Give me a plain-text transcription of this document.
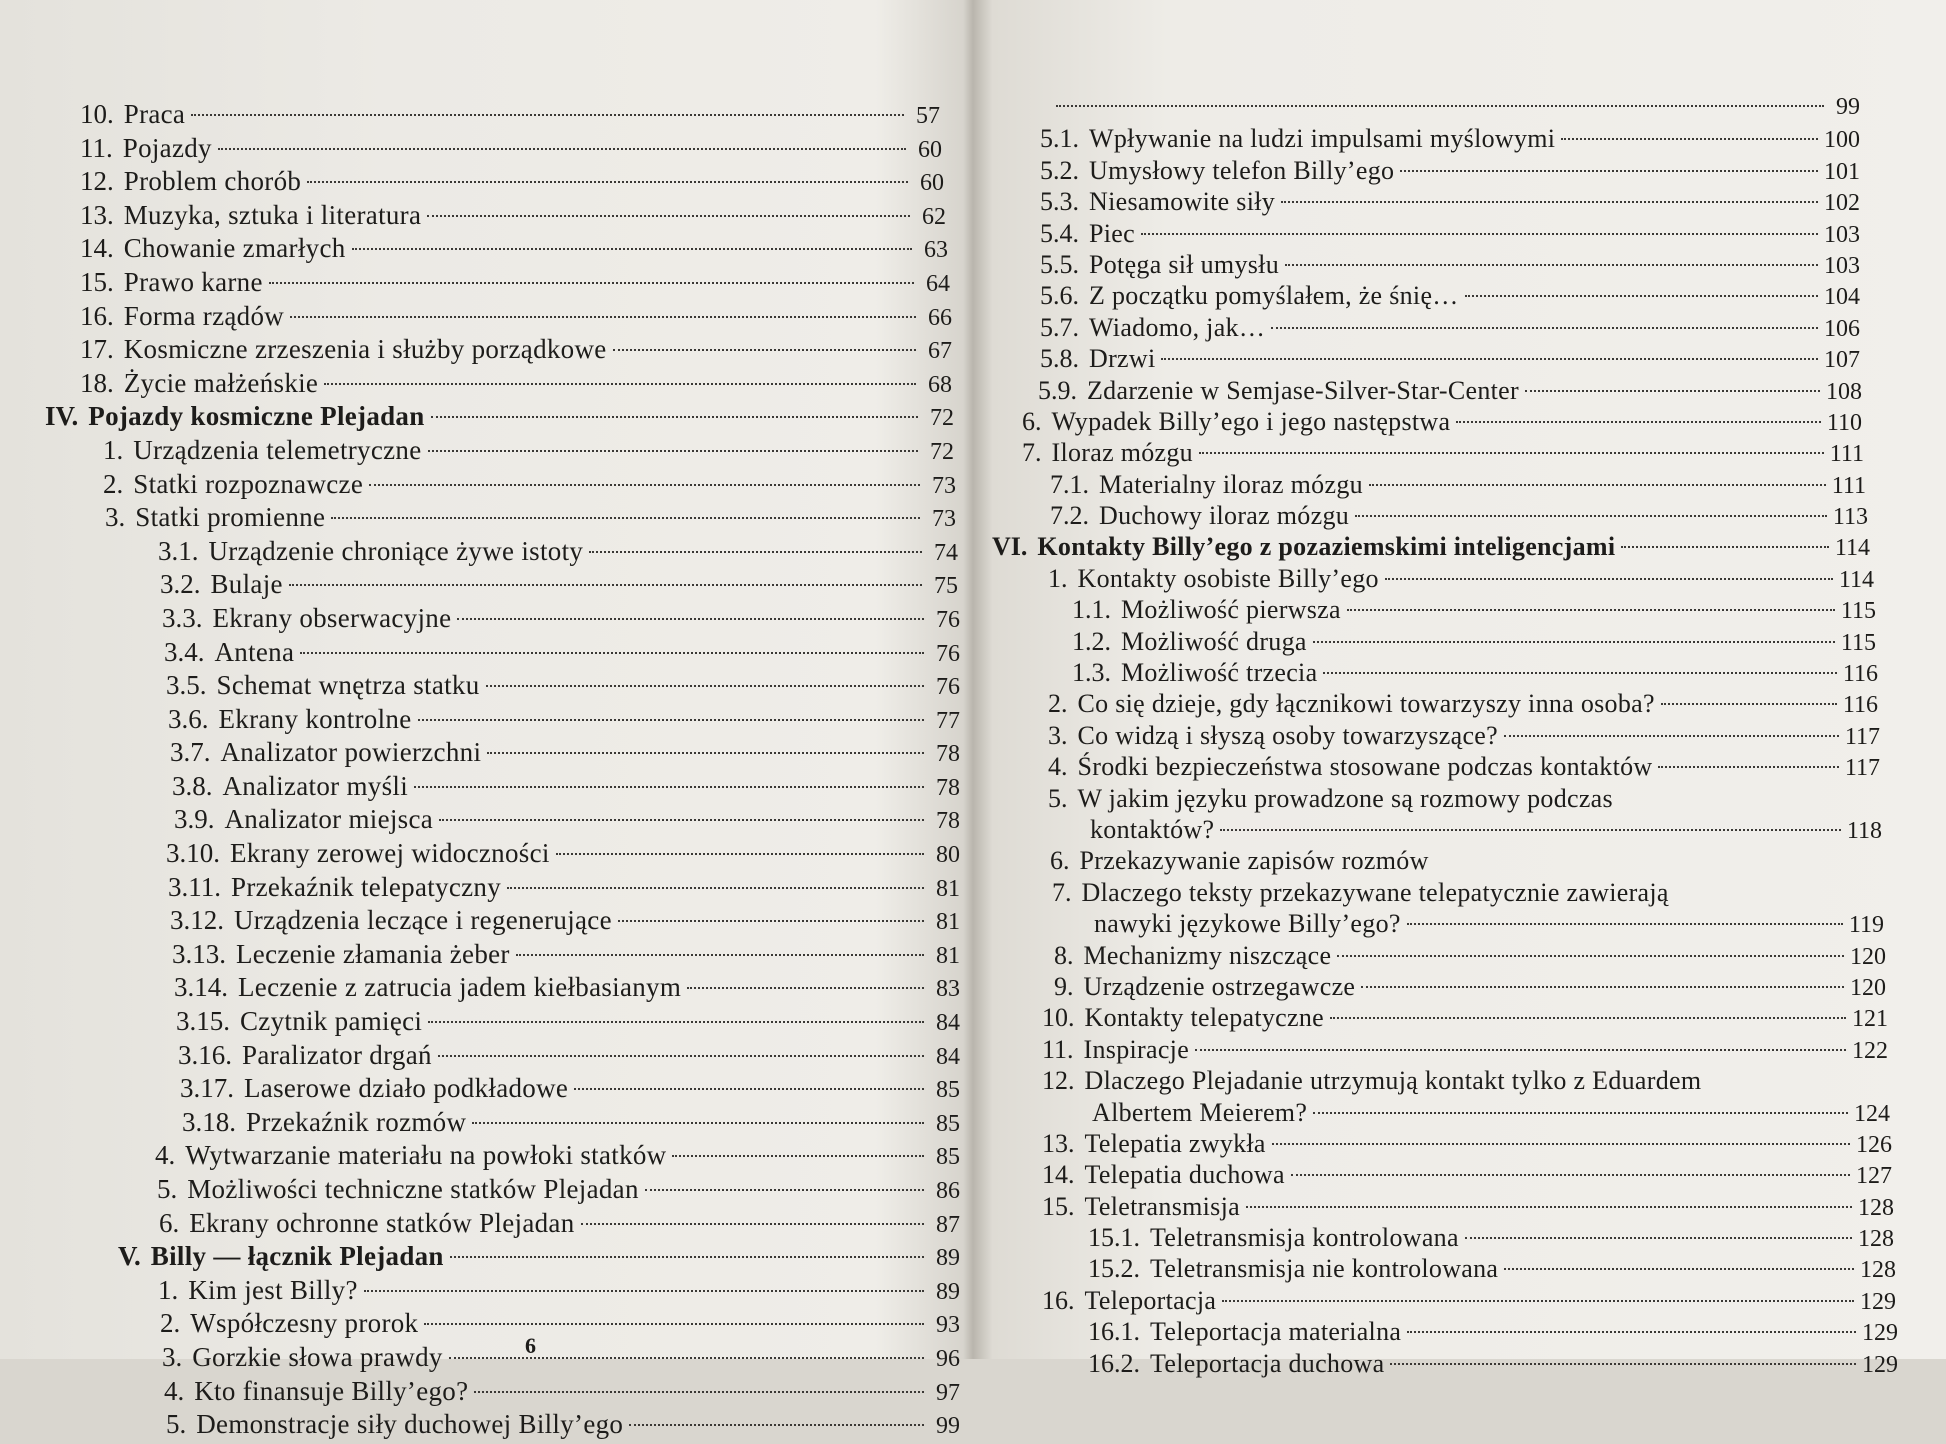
10. Praca	57
11. Pojazdy	60
12. Problem chorób	60
13. Muzyka, sztuka i literatura	62
14. Chowanie zmarłych	63
15. Prawo karne	64
16. Forma rządów	66
17. Kosmiczne zrzeszenia i służby porządkowe	67
18. Życie małżeńskie	68
IV. Pojazdy kosmiczne Plejadan	72
1. Urządzenia telemetryczne	72
2. Statki rozpoznawcze	73
3. Statki promienne	73
3.1. Urządzenie chroniące żywe istoty	74
3.2. Bulaje	75
3.3. Ekrany obserwacyjne	76
3.4. Antena	76
3.5. Schemat wnętrza statku	76
3.6. Ekrany kontrolne	77
3.7. Analizator powierzchni	78
3.8. Analizator myśli	78
3.9. Analizator miejsca	78
3.10. Ekrany zerowej widoczności	80
3.11. Przekaźnik telepatyczny	81
3.12. Urządzenia leczące i regenerujące	81
3.13. Leczenie złamania żeber	81
3.14. Leczenie z zatrucia jadem kiełbasianym	83
3.15. Czytnik pamięci	84
3.16. Paralizator drgań	84
3.17. Laserowe działo podkładowe	85
3.18. Przekaźnik rozmów	85
4. Wytwarzanie materiału na powłoki statków	85
5. Możliwości techniczne statków Plejadan	86
6. Ekrany ochronne statków Plejadan	87
V. Billy — łącznik Plejadan	89
1. Kim jest Billy?	89
2. Współczesny prorok	93
3. Gorzkie słowa prawdy	96
4. Kto finansuje Billy’ego?	97
5. Demonstracje siły duchowej Billy’ego	99
6
99
5.1. Wpływanie na ludzi impulsami myślowymi	100
5.2. Umysłowy telefon Billy’ego	101
5.3. Niesamowite siły	102
5.4. Piec	103
5.5. Potęga sił umysłu	103
5.6. Z początku pomyślałem, że śnię…	104
5.7. Wiadomo, jak…	106
5.8. Drzwi	107
5.9. Zdarzenie w Semjase-Silver-Star-Center	108
6. Wypadek Billy’ego i jego następstwa	110
7. Iloraz mózgu	111
7.1. Materialny iloraz mózgu	111
7.2. Duchowy iloraz mózgu	113
VI. Kontakty Billy’ego z pozaziemskimi inteligencjami	114
1. Kontakty osobiste Billy’ego	114
1.1. Możliwość pierwsza	115
1.2. Możliwość druga	115
1.3. Możliwość trzecia	116
2. Co się dzieje, gdy łącznikowi towarzyszy inna osoba?	116
3. Co widzą i słyszą osoby towarzyszące?	117
4. Środki bezpieczeństwa stosowane podczas kontaktów	117
5. W jakim języku prowadzone są rozmowy podczas
kontaktów?	118
6. Przekazywanie zapisów rozmów
7. Dlaczego teksty przekazywane telepatycznie zawierają
nawyki językowe Billy’ego?	119
8. Mechanizmy niszczące	120
9. Urządzenie ostrzegawcze	120
10. Kontakty telepatyczne	121
11. Inspiracje	122
12. Dlaczego Plejadanie utrzymują kontakt tylko z Eduardem
Albertem Meierem?	124
13. Telepatia zwykła	126
14. Telepatia duchowa	127
15. Teletransmisja	128
15.1. Teletransmisja kontrolowana	128
15.2. Teletransmisja nie kontrolowana	128
16. Teleportacja	129
16.1. Teleportacja materialna	129
16.2. Teleportacja duchowa	129
